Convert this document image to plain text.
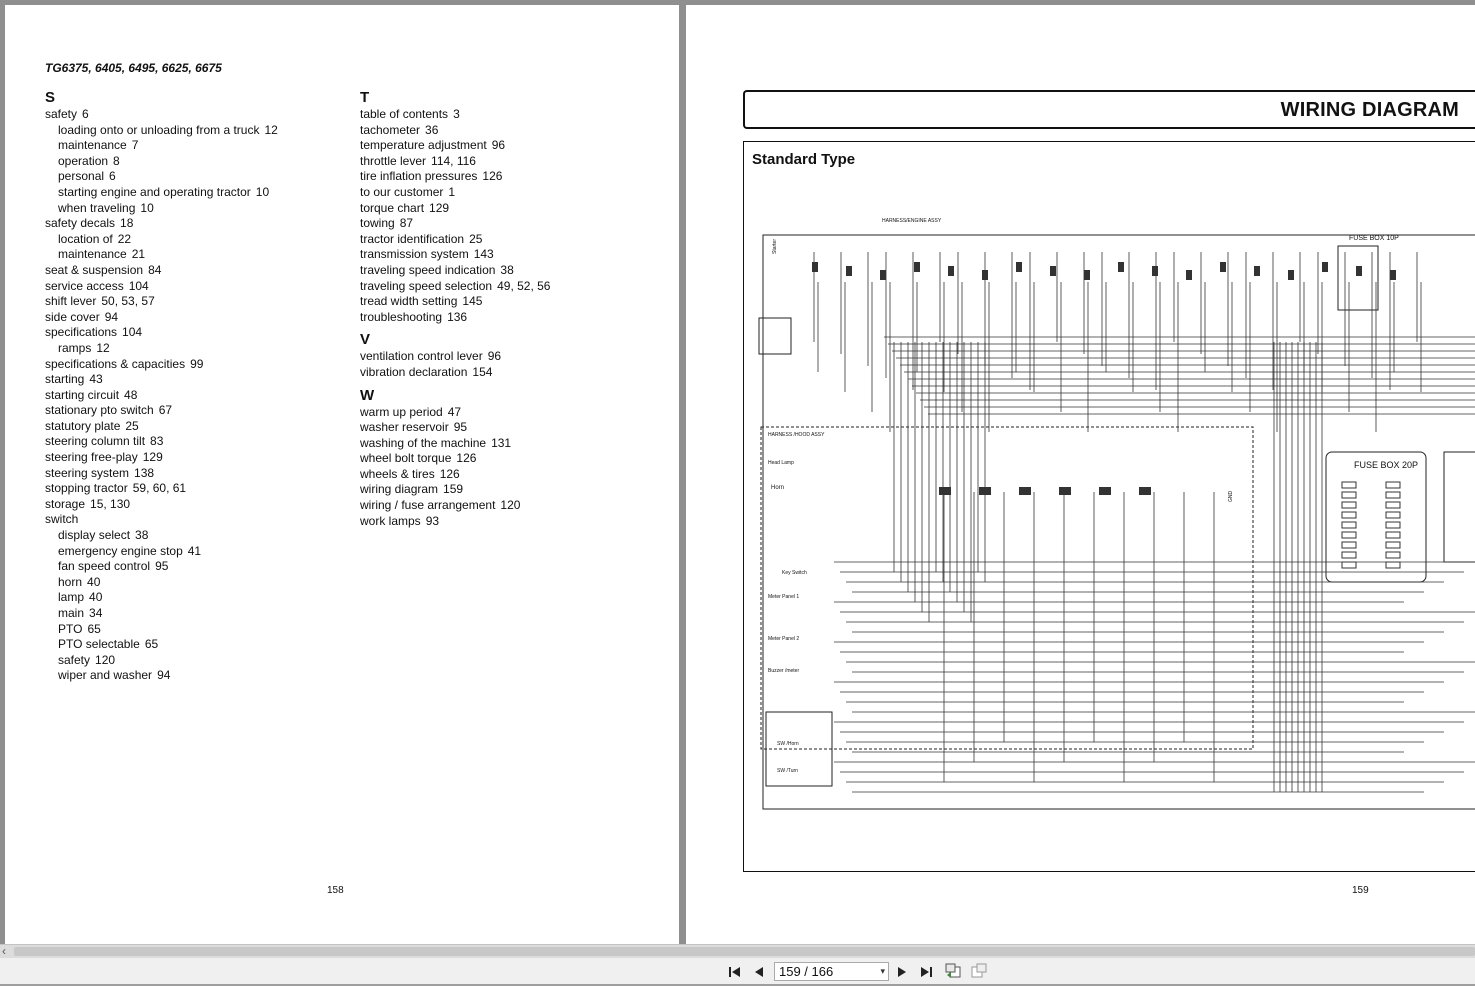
TG6375, 6405, 6495, 6625, 6675
S
safety 6
loading onto or unloading from a truck 12
maintenance 7
operation 8
personal 6
starting engine and operating tractor 10
when traveling 10
safety decals 18
location of 22
maintenance 21
seat & suspension 84
service access 104
shift lever 50, 53, 57
side cover 94
specifications 104
ramps 12
specifications & capacities 99
starting 43
starting circuit 48
stationary pto switch 67
statutory plate 25
steering column tilt 83
steering free-play 129
steering system 138
stopping tractor 59, 60, 61
storage 15, 130
switch
display select 38
emergency engine stop 41
fan speed control 95
horn 40
lamp 40
main 34
PTO 65
PTO selectable 65
safety 120
wiper and washer 94
T
table of contents 3
tachometer 36
temperature adjustment 96
throttle lever 114, 116
tire inflation pressures 126
to our customer 1
torque chart 129
towing 87
tractor identification 25
transmission system 143
traveling speed indication 38
traveling speed selection 49, 52, 56
tread width setting 145
troubleshooting 136
V
ventilation control lever 96
vibration declaration 154
W
warm up period 47
washer reservoir 95
washing of the machine 131
wheel bolt torque 126
wheels & tires 126
wiring diagram 159
wiring / fuse arrangement 120
work lamps 93
158
WIRING DIAGRAM
Standard Type
FUSE BOX 10P
FUSE BOX 20P
HARNESS/ENGINE ASSY
HARNESS /HOOD ASSY
Head Lamp
Horn
Key Switch
Meter Panel 1
Meter Panel 2
Buzzer /meter
SW /Horn
SW /Turn
Starter
GND
159
‹
159 / 166	▾
